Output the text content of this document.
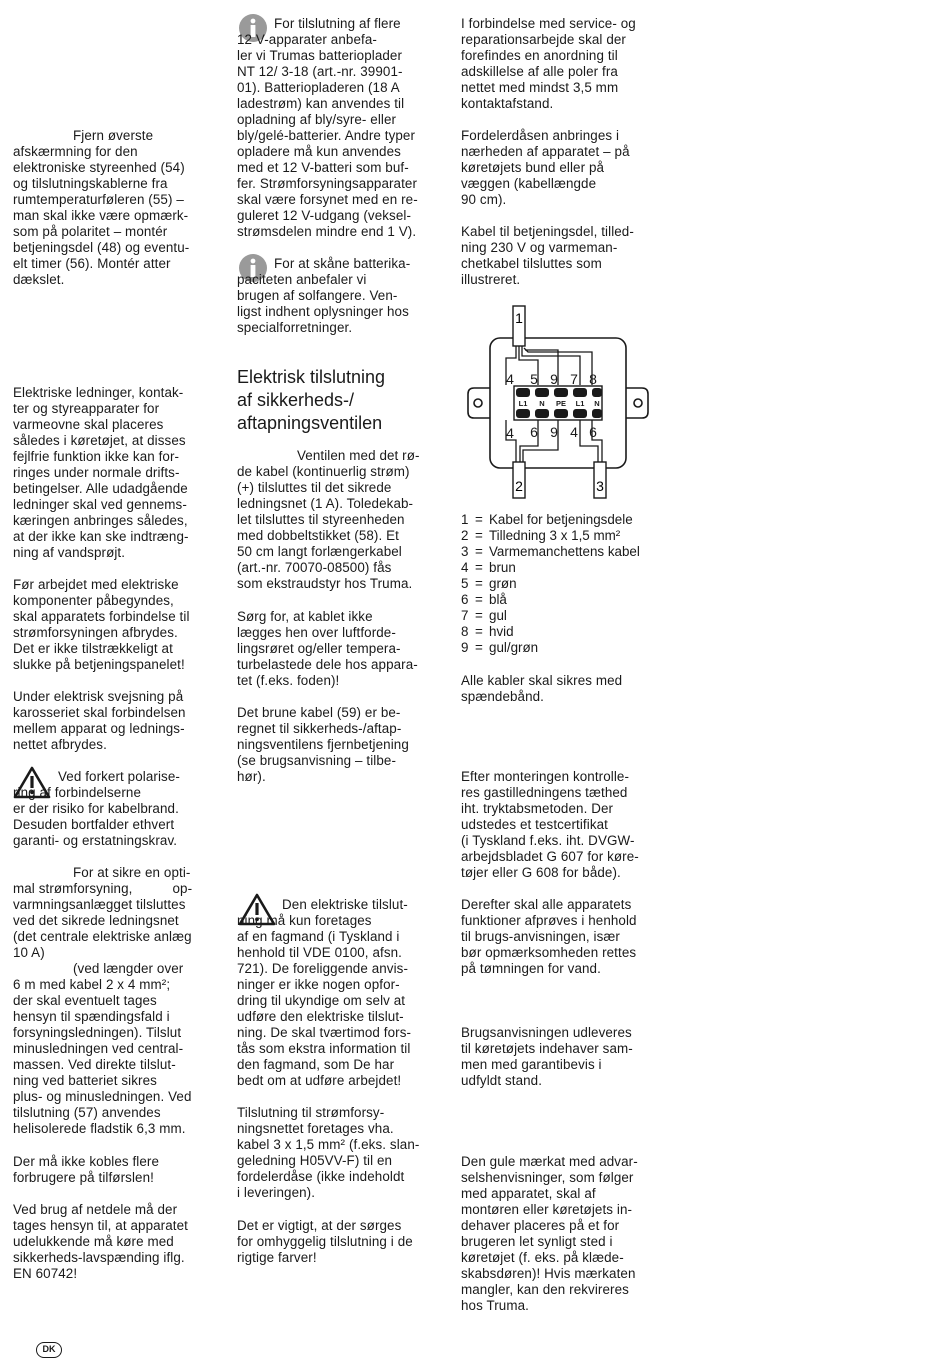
Fjern øverste
afskærmning for den
elektroniske styreenhed (54)
og tilslutningskablerne fra
rumtemperaturføleren (55) –
man skal ikke være opmærk-
som på polaritet – montér
betjeningsdel (48) og eventu-
elt timer (56). Montér atter
dækslet.

Elektriske ledninger, kontak-
ter og styreapparater for
varmeovne skal placeres
således i køretøjet, at disses
fejlfrie funktion ikke kan for-
ringes under normale drifts-
betingelser. Alle udadgående
ledninger skal ved gennems-
kæringen anbringes således,
at der ikke kan ske indtræng-
ning af vandsprøjt.

Før arbejdet med elektriske
komponenter påbegyndes,
skal apparatets forbindelse til
strømforsyningen afbrydes.
Det er ikke tilstrækkeligt at
slukke på betjeningspanelet!

Under elektrisk svejsning på
karosseriet skal forbindelsen
mellem apparat og lednings-
nettet afbrydes.

Ved forkert polarise-
ring af forbindelserne
er der risiko for kabelbrand.
Desuden bortfalder ethvert
garanti- og erstatningskrav.

For at sikre en opti-
mal strømforsyning,	op-
varmningsanlægget tilsluttes
ved det sikrede ledningsnet
(det centrale elektriske anlæg
10 A)
(ved længder over
6 m med kabel 2 x 4 mm²;
der skal eventuelt tages
hensyn til spændingsfald i
forsyningsledningen). Tilslut
minusledningen ved central-
massen. Ved direkte tilslut-
ning ved batteriet sikres
plus- og minusledningen. Ved
tilslutning (57) anvendes
helisolerede fladstik 6,3 mm.

Der må ikke kobles flere
forbrugere på tilførslen!

Ved brug af netdele må der
tages hensyn til, at apparatet
udelukkende må køre med
sikkerheds-lavspænding iflg.
EN 60742!

For tilslutning af flere
12 V-apparater anbefa-
ler vi Trumas batterioplader
NT 12/ 3-18 (art.-nr. 39901-
01). Batteriopladeren (18 A
ladestrøm) kan anvendes til
opladning af bly/syre- eller
bly/gelé-batterier. Andre typer
opladere må kun anvendes
med et 12 V-batteri som buf-
fer. Strømforsyningsapparater
skal være forsynet med en re-
guleret 12 V-udgang (veksel-
strømsdelen mindre end 1 V).

For at skåne batterika-
paciteten anbefaler vi
brugen af solfangere. Ven-
ligst indhent oplysninger hos
specialforretninger.

Elektrisk tilslutning
af sikkerheds-/
aftapningsventilen

Ventilen med det rø-
de kabel (kontinuerlig strøm)
(+) tilsluttes til det sikrede
ledningsnet (1 A). Toledekab-
let tilsluttes til styreenheden
med dobbeltstikket (58). Et
50 cm langt forlængerkabel
(art.-nr. 70070-08500) fås
som ekstraudstyr hos Truma.

Sørg for, at kablet ikke
lægges hen over luftforde-
lingsrøret og/eller tempera-
turbelastede dele hos appara-
tet (f.eks. foden)!

Det brune kabel (59) er be-
regnet til sikkerheds-/aftap-
ningsventilens fjernbetjening
(se brugsanvisning – tilbe-
hør).

Den elektriske tilslut-
ning må kun foretages
af en fagmand (i Tyskland i
henhold til VDE 0100, afsn.
721). De foreliggende anvis-
ninger er ikke nogen opfor-
dring til ukyndige om selv at
udføre den elektriske tilslut-
ning. De skal tværtimod fors-
tås som ekstra information til
den fagmand, som De har
bedt om at udføre arbejdet!

Tilslutning til strømforsy-
ningsnettet foretages vha.
kabel 3 x 1,5 mm² (f.eks. slan-
geledning H05VV-F) til en
fordelerdåse (ikke indeholdt
i leveringen).

Det er vigtigt, at der sørges
for omhyggelig tilslutning i de
rigtige farver!

I forbindelse med service- og
reparationsarbejde skal der
forefindes en anordning til
adskillelse af alle poler fra
nettet med mindst 3,5 mm
kontaktafstand.

Fordelerdåsen anbringes i
nærheden af apparatet – på
køretøjets bund eller på
væggen (kabellængde
90 cm).

Kabel til betjeningsdel, tilled-
ning 230 V og varmeman-
chetkabel tilsluttes som
illustreret.

1 = Kabel for betjeningsdele
2 = Tilledning 3 x 1,5 mm²
3 = Varmemanchettens kabel
4 = brun
5 = grøn
6 = blå
7 = gul
8 = hvid
9 = gul/grøn

Alle kabler skal sikres med
spændebånd.

Efter monteringen kontrolle-
res gastilledningens tæthed
iht. tryktabsmetoden. Der
udstedes et testcertifikat
(i Tyskland f.eks. iht. DVGW-
arbejdsbladet G 607 for køre-
tøjer eller G 608 for både).

Derefter skal alle apparatets
funktioner afprøves i henhold
til brugs-anvisningen, især
bør opmærksomheden rettes
på tømningen for vand.

Brugsanvisningen udleveres
til køretøjets indehaver sam-
men med garantibevis i
udfyldt stand.

Den gule mærkat med advar-
selshenvisninger, som følger
med apparatet, skal af
montøren eller køretøjets in-
dehaver placeres på et for
brugeren let synligt sted i
køretøjet (f. eks. på klæde-
skabsdøren)! Hvis mærkaten
mangler, kan den rekvireres
hos Truma.

1
2	3
L1 N PE L1 N
4 5 9 7 8
4 6 9 4 6
DK
